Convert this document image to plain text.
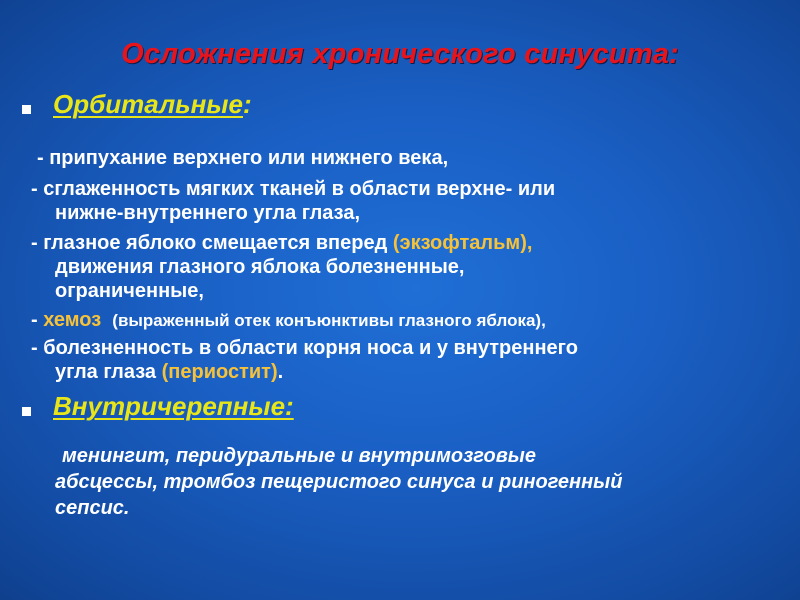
Осложнения хронического синусита:
Орбитальные:
- припухание верхнего или нижнего века,
- сглаженность мягких тканей в области верхне- или
нижне-внутреннего угла глаза,
- глазное яблоко смещается вперед (экзофтальм),
движения глазного яблока болезненные,
ограниченные,
- хемоз (выраженный отек конъюнктивы глазного яблока),
- болезненность в области корня носа и у внутреннего
угла глаза (периостит).
Внутричерепные:
менингит, перидуральные и внутримозговые
абсцессы, тромбоз пещеристого синуса и риногенный
сепсис.
